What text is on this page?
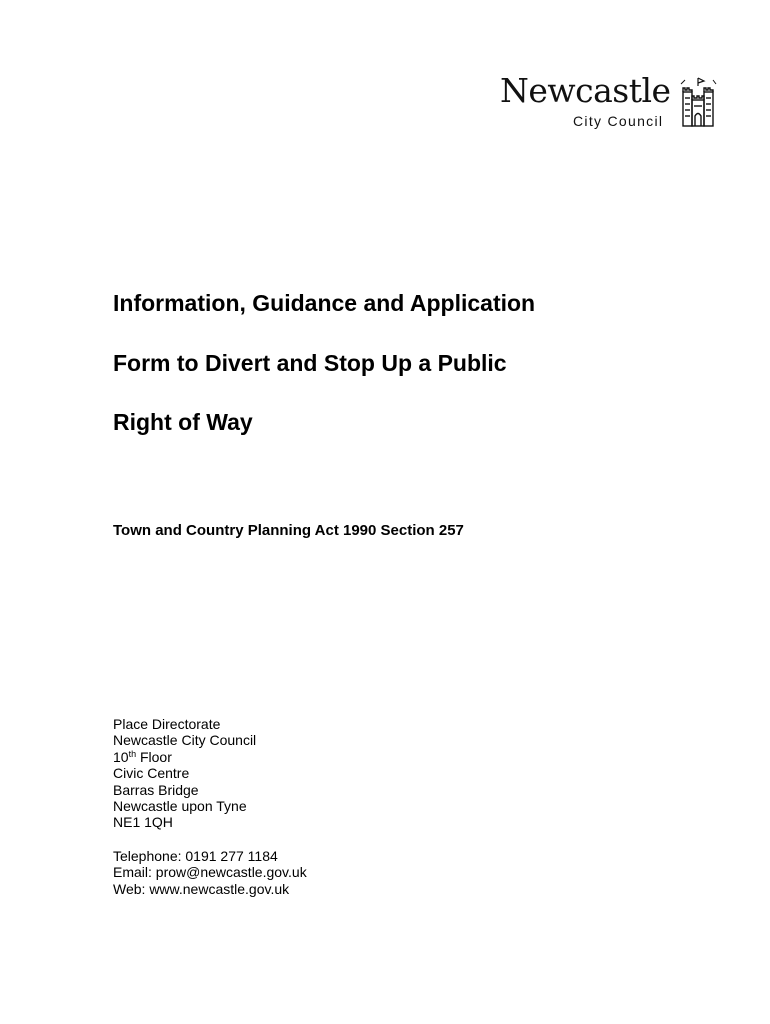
Newcastle
City Council
Information, Guidance and Application
Form to Divert and Stop Up a Public
Right of Way

Town and Country Planning Act 1990 Section 257

Place Directorate
Newcastle City Council
10th Floor
Civic Centre
Barras Bridge
Newcastle upon Tyne
NE1 1QH
Telephone: 0191 277 1184
Email: prow@newcastle.gov.uk
Web: www.newcastle.gov.uk
